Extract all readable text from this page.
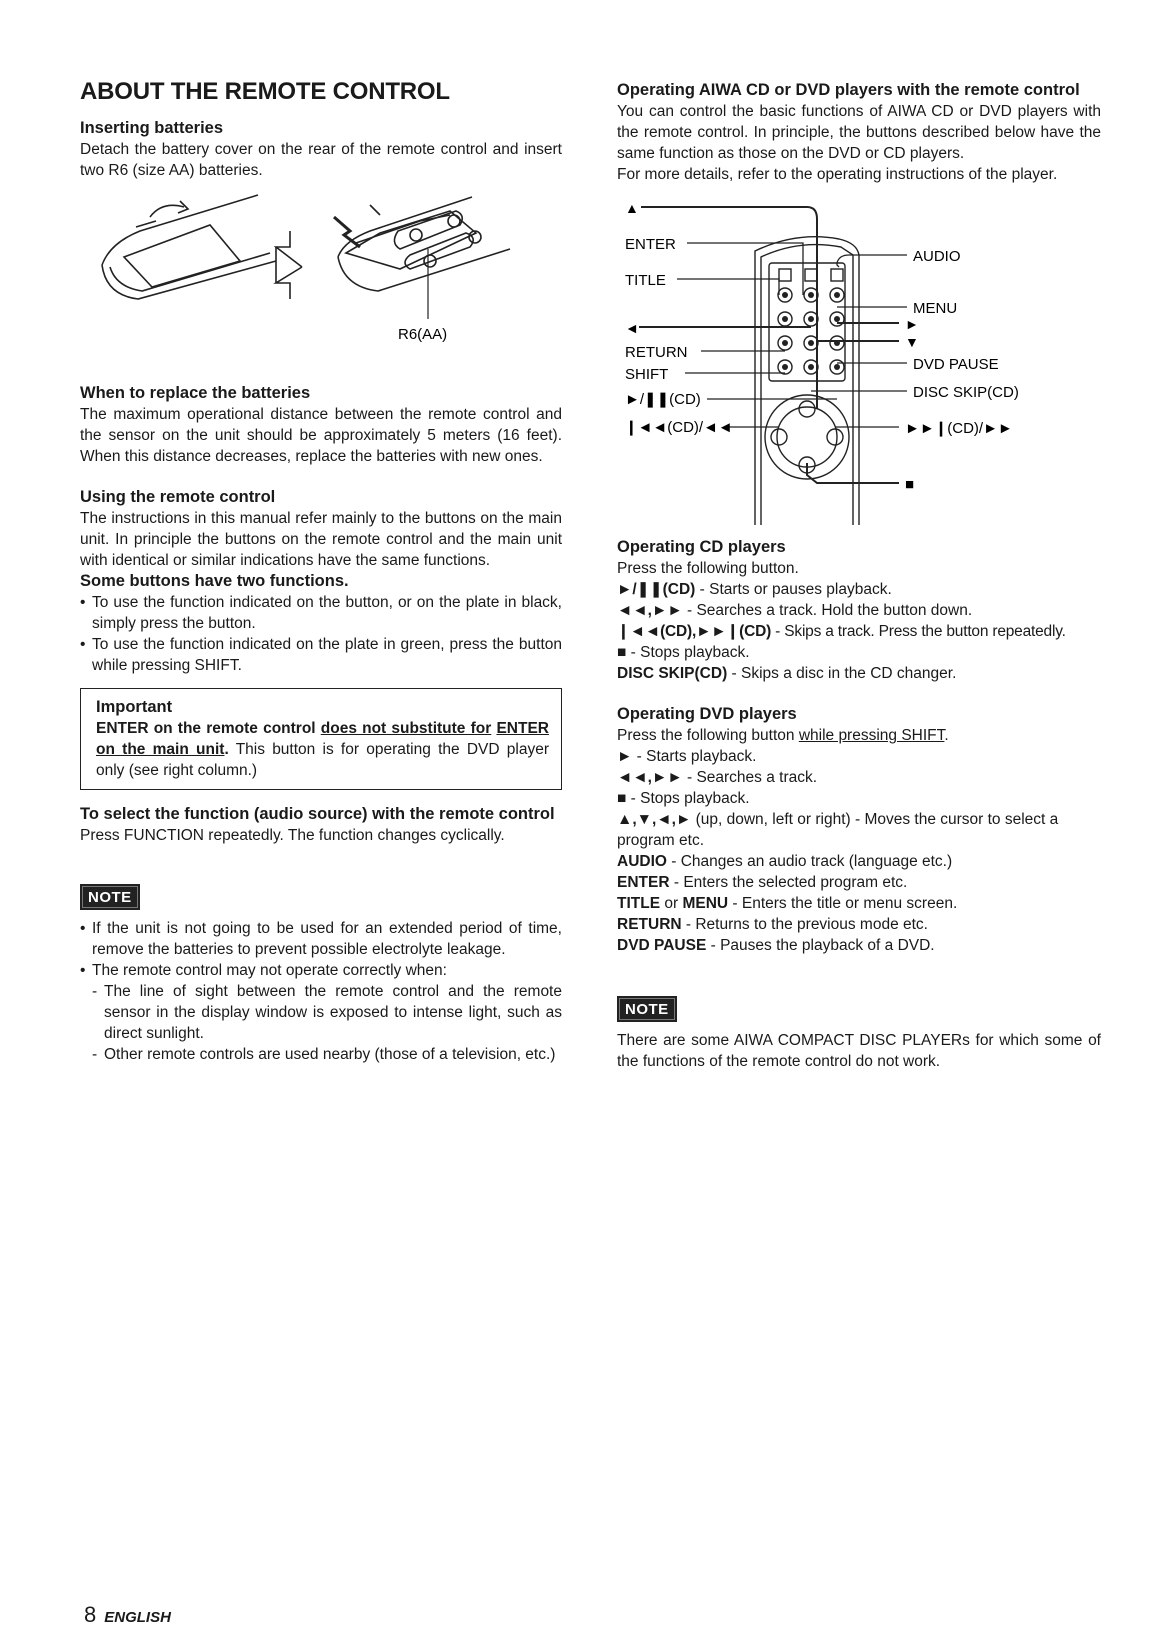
ABOUT THE REMOTE CONTROL
Inserting batteries

Detach the battery cover on the rear of the remote control and insert two R6 (size AA) batteries.

R6(AA)
When to replace the batteries

The maximum operational distance between the remote control and the sensor on the unit should be approximately 5 meters (16 feet). When this distance decreases, replace the batteries with new ones.

Using the remote control

The instructions in this manual refer mainly to the buttons on the main unit. In principle the buttons on the remote control and the main unit with identical or similar indications have the same functions.

Some buttons have two functions.
• To use the function indicated on the button, or on the plate in black, simply press the button.
• To use the function indicated on the plate in green, press the button while pressing SHIFT.
Important

ENTER on the remote control does not substitute for ENTER on the main unit. This button is for operating the DVD player only (see right column.)

To select the function (audio source) with the remote control

Press FUNCTION repeatedly. The function changes cyclically.

NOTE
• If the unit is not going to be used for an extended period of time, remove the batteries to prevent possible electrolyte leakage.
• The remote control may not operate correctly when:
- The line of sight between the remote control and the remote sensor in the display window is exposed to intense light, such as direct sunlight.
- Other remote controls are used nearby (those of a television, etc.)
Operating AIWA CD or DVD players with the remote control

You can control the basic functions of AIWA CD or DVD players with the remote control. In principle, the buttons described below have the same function as those on the DVD or CD players.

For more details, refer to the operating instructions of the player.

▲
ENTER
TITLE
◄
RETURN
SHIFT
►/❚❚(CD)
❙◄◄(CD)/◄◄
AUDIO
MENU
►
▼
DVD PAUSE
DISC SKIP(CD)
►►❙(CD)/►►
■
Operating CD players
Press the following button.
►/❚❚(CD) - Starts or pauses playback.
◄◄,►► - Searches a track. Hold the button down.
❙◄◄(CD),►►❙(CD) - Skips a track. Press the button repeatedly.
■ - Stops playback.
DISC SKIP(CD) - Skips a disc in the CD changer.
Operating DVD players
Press the following button while pressing SHIFT.
► - Starts playback.
◄◄,►► - Searches a track.
■ - Stops playback.
▲,▼,◄,► (up, down, left or right) - Moves the cursor to select a program etc.
AUDIO - Changes an audio track (language etc.)
ENTER - Enters the selected program etc.
TITLE or MENU - Enters the title or menu screen.
RETURN - Returns to the previous mode etc.
DVD PAUSE - Pauses the playback of a DVD.
NOTE

There are some AIWA COMPACT DISC PLAYERs for which some of the functions of the remote control do not work.

8 ENGLISH
